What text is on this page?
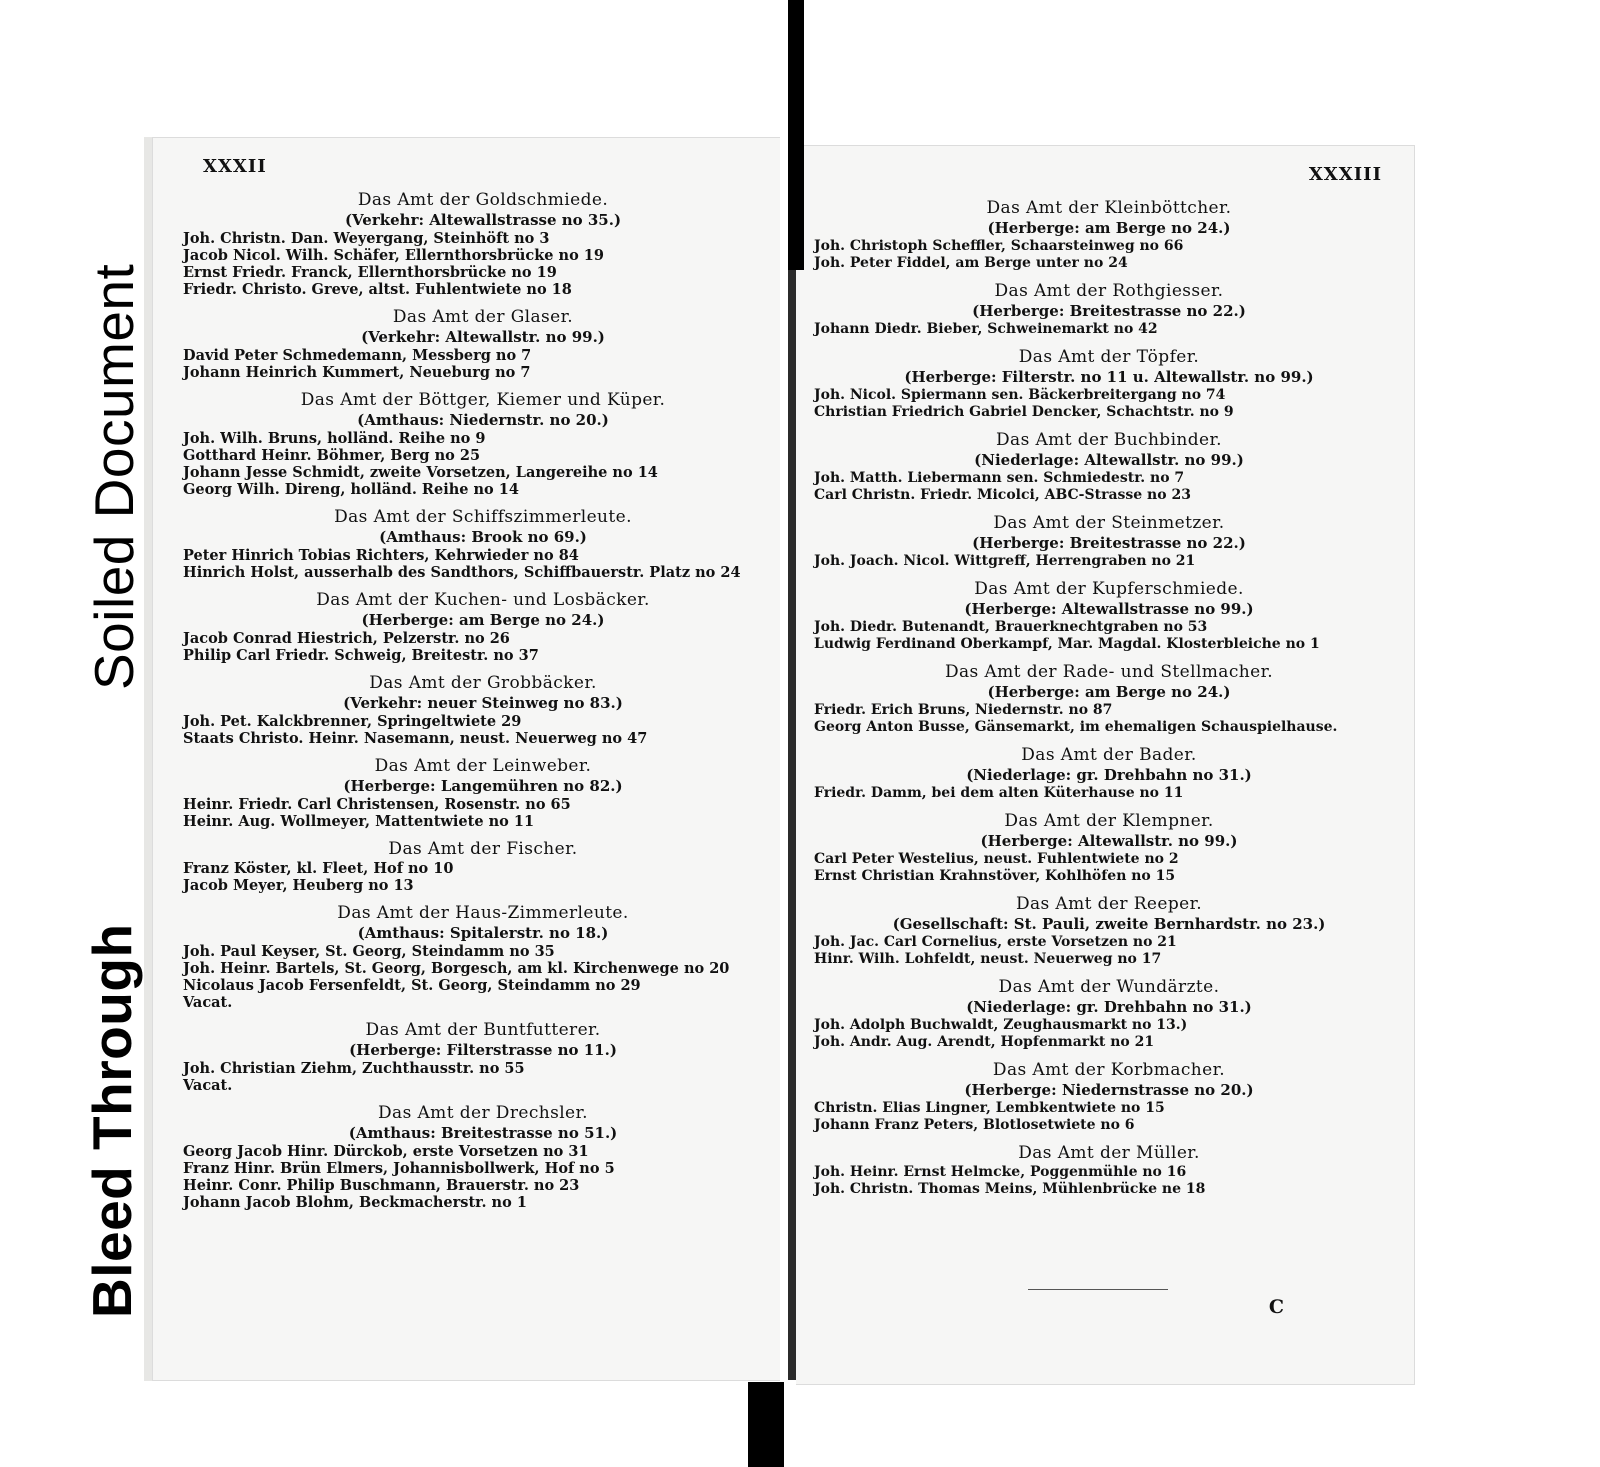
Soiled Document
Bleed Through
XXXII
Das Amt der Goldschmiede.
(Verkehr: Altewallstrasse no 35.)
Joh. Christn. Dan. Weyergang, Steinhöft no 3
Jacob Nicol. Wilh. Schäfer, Ellernthorsbrücke no 19
Ernst Friedr. Franck, Ellernthorsbrücke no 19
Friedr. Christo. Greve, altst. Fuhlentwiete no 18
Das Amt der Glaser.
(Verkehr: Altewallstr. no 99.)
David Peter Schmedemann, Messberg no 7
Johann Heinrich Kummert, Neueburg no 7
Das Amt der Böttger, Kiemer und Küper.
(Amthaus: Niedernstr. no 20.)
Joh. Wilh. Bruns, holländ. Reihe no 9
Gotthard Heinr. Böhmer, Berg no 25
Johann Jesse Schmidt, zweite Vorsetzen, Langereihe no 14
Georg Wilh. Direng, holländ. Reihe no 14
Das Amt der Schiffszimmerleute.
(Amthaus: Brook no 69.)
Peter Hinrich Tobias Richters, Kehrwieder no 84
Hinrich Holst, ausserhalb des Sandthors, Schiffbauerstr. Platz no 24
Das Amt der Kuchen- und Losbäcker.
(Herberge: am Berge no 24.)
Jacob Conrad Hiestrich, Pelzerstr. no 26
Philip Carl Friedr. Schweig, Breitestr. no 37
Das Amt der Grobbäcker.
(Verkehr: neuer Steinweg no 83.)
Joh. Pet. Kalckbrenner, Springeltwiete 29
Staats Christo. Heinr. Nasemann, neust. Neuerweg no 47
Das Amt der Leinweber.
(Herberge: Langemühren no 82.)
Heinr. Friedr. Carl Christensen, Rosenstr. no 65
Heinr. Aug. Wollmeyer, Mattentwiete no 11
Das Amt der Fischer.
Franz Köster, kl. Fleet, Hof no 10
Jacob Meyer, Heuberg no 13
Das Amt der Haus-Zimmerleute.
(Amthaus: Spitalerstr. no 18.)
Joh. Paul Keyser, St. Georg, Steindamm no 35
Joh. Heinr. Bartels, St. Georg, Borgesch, am kl. Kirchenwege no 20
Nicolaus Jacob Fersenfeldt, St. Georg, Steindamm no 29
Vacat.
Das Amt der Buntfutterer.
(Herberge: Filterstrasse no 11.)
Joh. Christian Ziehm, Zuchthausstr. no 55
Vacat.
Das Amt der Drechsler.
(Amthaus: Breitestrasse no 51.)
Georg Jacob Hinr. Dürckob, erste Vorsetzen no 31
Franz Hinr. Brün Elmers, Johannisbollwerk, Hof no 5
Heinr. Conr. Philip Buschmann, Brauerstr. no 23
Johann Jacob Blohm, Beckmacherstr. no 1
XXXIII
Das Amt der Kleinböttcher.
(Herberge: am Berge no 24.)
Joh. Christoph Scheffler, Schaarsteinweg no 66
Joh. Peter Fiddel, am Berge unter no 24
Das Amt der Rothgiesser.
(Herberge: Breitestrasse no 22.)
Johann Diedr. Bieber, Schweinemarkt no 42
Das Amt der Töpfer.
(Herberge: Filterstr. no 11 u. Altewallstr. no 99.)
Joh. Nicol. Spiermann sen. Bäckerbreitergang no 74
Christian Friedrich Gabriel Dencker, Schachtstr. no 9
Das Amt der Buchbinder.
(Niederlage: Altewallstr. no 99.)
Joh. Matth. Liebermann sen. Schmiedestr. no 7
Carl Christn. Friedr. Micolci, ABC-Strasse no 23
Das Amt der Steinmetzer.
(Herberge: Breitestrasse no 22.)
Joh. Joach. Nicol. Wittgreff, Herrengraben no 21
Das Amt der Kupferschmiede.
(Herberge: Altewallstrasse no 99.)
Joh. Diedr. Butenandt, Brauerknechtgraben no 53
Ludwig Ferdinand Oberkampf, Mar. Magdal. Klosterbleiche no 1
Das Amt der Rade- und Stellmacher.
(Herberge: am Berge no 24.)
Friedr. Erich Bruns, Niedernstr. no 87
Georg Anton Busse, Gänsemarkt, im ehemaligen Schauspielhause.
Das Amt der Bader.
(Niederlage: gr. Drehbahn no 31.)
Friedr. Damm, bei dem alten Küterhause no 11
Das Amt der Klempner.
(Herberge: Altewallstr. no 99.)
Carl Peter Westelius, neust. Fuhlentwiete no 2
Ernst Christian Krahnstöver, Kohlhöfen no 15
Das Amt der Reeper.
(Gesellschaft: St. Pauli, zweite Bernhardstr. no 23.)
Joh. Jac. Carl Cornelius, erste Vorsetzen no 21
Hinr. Wilh. Lohfeldt, neust. Neuerweg no 17
Das Amt der Wundärzte.
(Niederlage: gr. Drehbahn no 31.)
Joh. Adolph Buchwaldt, Zeughausmarkt no 13.)
Joh. Andr. Aug. Arendt, Hopfenmarkt no 21
Das Amt der Korbmacher.
(Herberge: Niedernstrasse no 20.)
Christn. Elias Lingner, Lembkentwiete no 15
Johann Franz Peters, Blotlosetwiete no 6
Das Amt der Müller.
Joh. Heinr. Ernst Helmcke, Poggenmühle no 16
Joh. Christn. Thomas Meins, Mühlenbrücke ne 18
C
